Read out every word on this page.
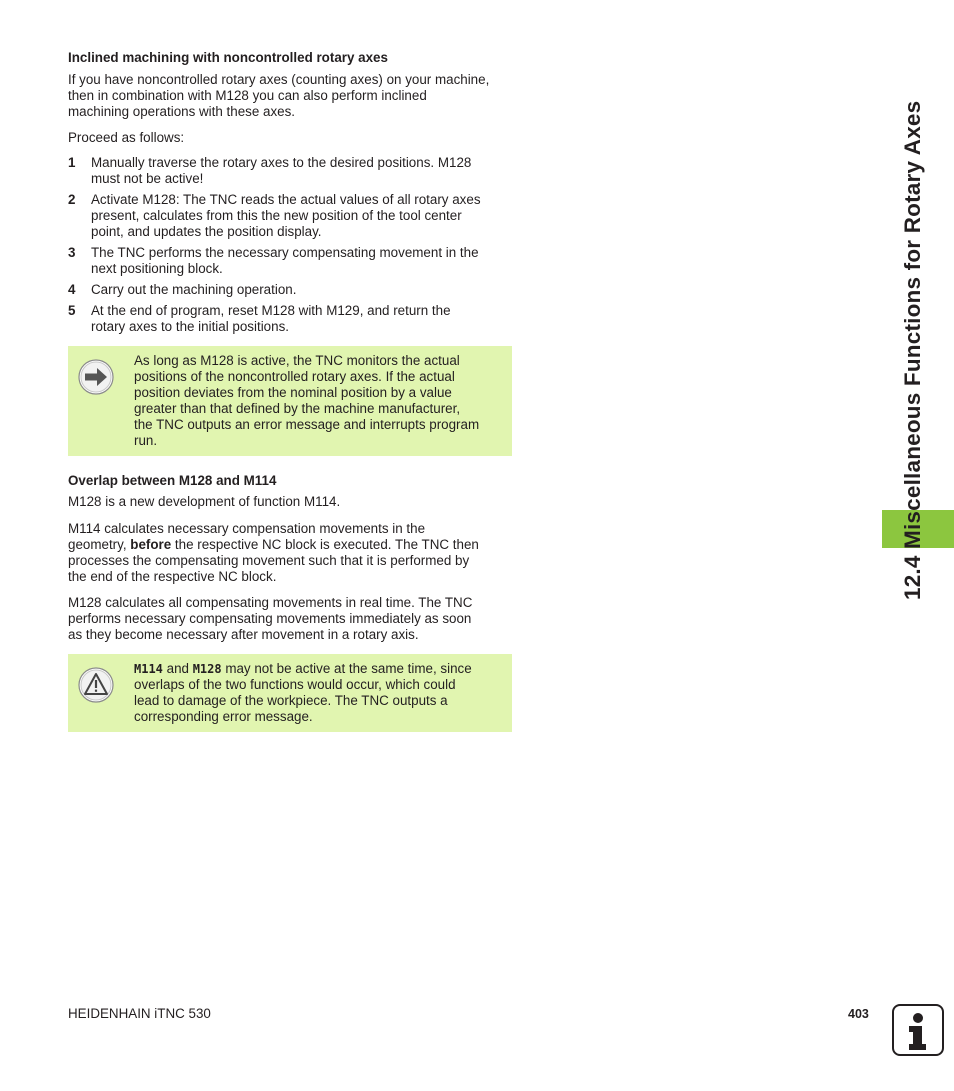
Inclined machining with noncontrolled rotary axes

If you have noncontrolled rotary axes (counting axes) on your machine,
then in combination with M128 you can also perform inclined
machining operations with these axes.

Proceed as follows:

1	Manually traverse the rotary axes to the desired positions. M128
must not be active!
2	Activate M128: The TNC reads the actual values of all rotary axes
present, calculates from this the new position of the tool center
point, and updates the position display.
3	The TNC performs the necessary compensating movement in the
next positioning block.
4	Carry out the machining operation.
5	At the end of program, reset M128 with M129, and return the
rotary axes to the initial positions.
As long as M128 is active, the TNC monitors the actual
positions of the noncontrolled rotary axes. If the actual
position deviates from the nominal position by a value
greater than that defined by the machine manufacturer,
the TNC outputs an error message and interrupts program
run.
Overlap between M128 and M114

M128 is a new development of function M114.

M114 calculates necessary compensation movements in the
geometry, before the respective NC block is executed. The TNC then
processes the compensating movement such that it is performed by
the end of the respective NC block.

M128 calculates all compensating movements in real time. The TNC
performs necessary compensating movements immediately as soon
as they become necessary after movement in a rotary axis.

M114 and M128 may not be active at the same time, since
overlaps of the two functions would occur, which could
lead to damage of the workpiece. The TNC outputs a
corresponding error message.
12.4 Miscellaneous Functions for Rotary Axes
HEIDENHAIN iTNC 530	403
